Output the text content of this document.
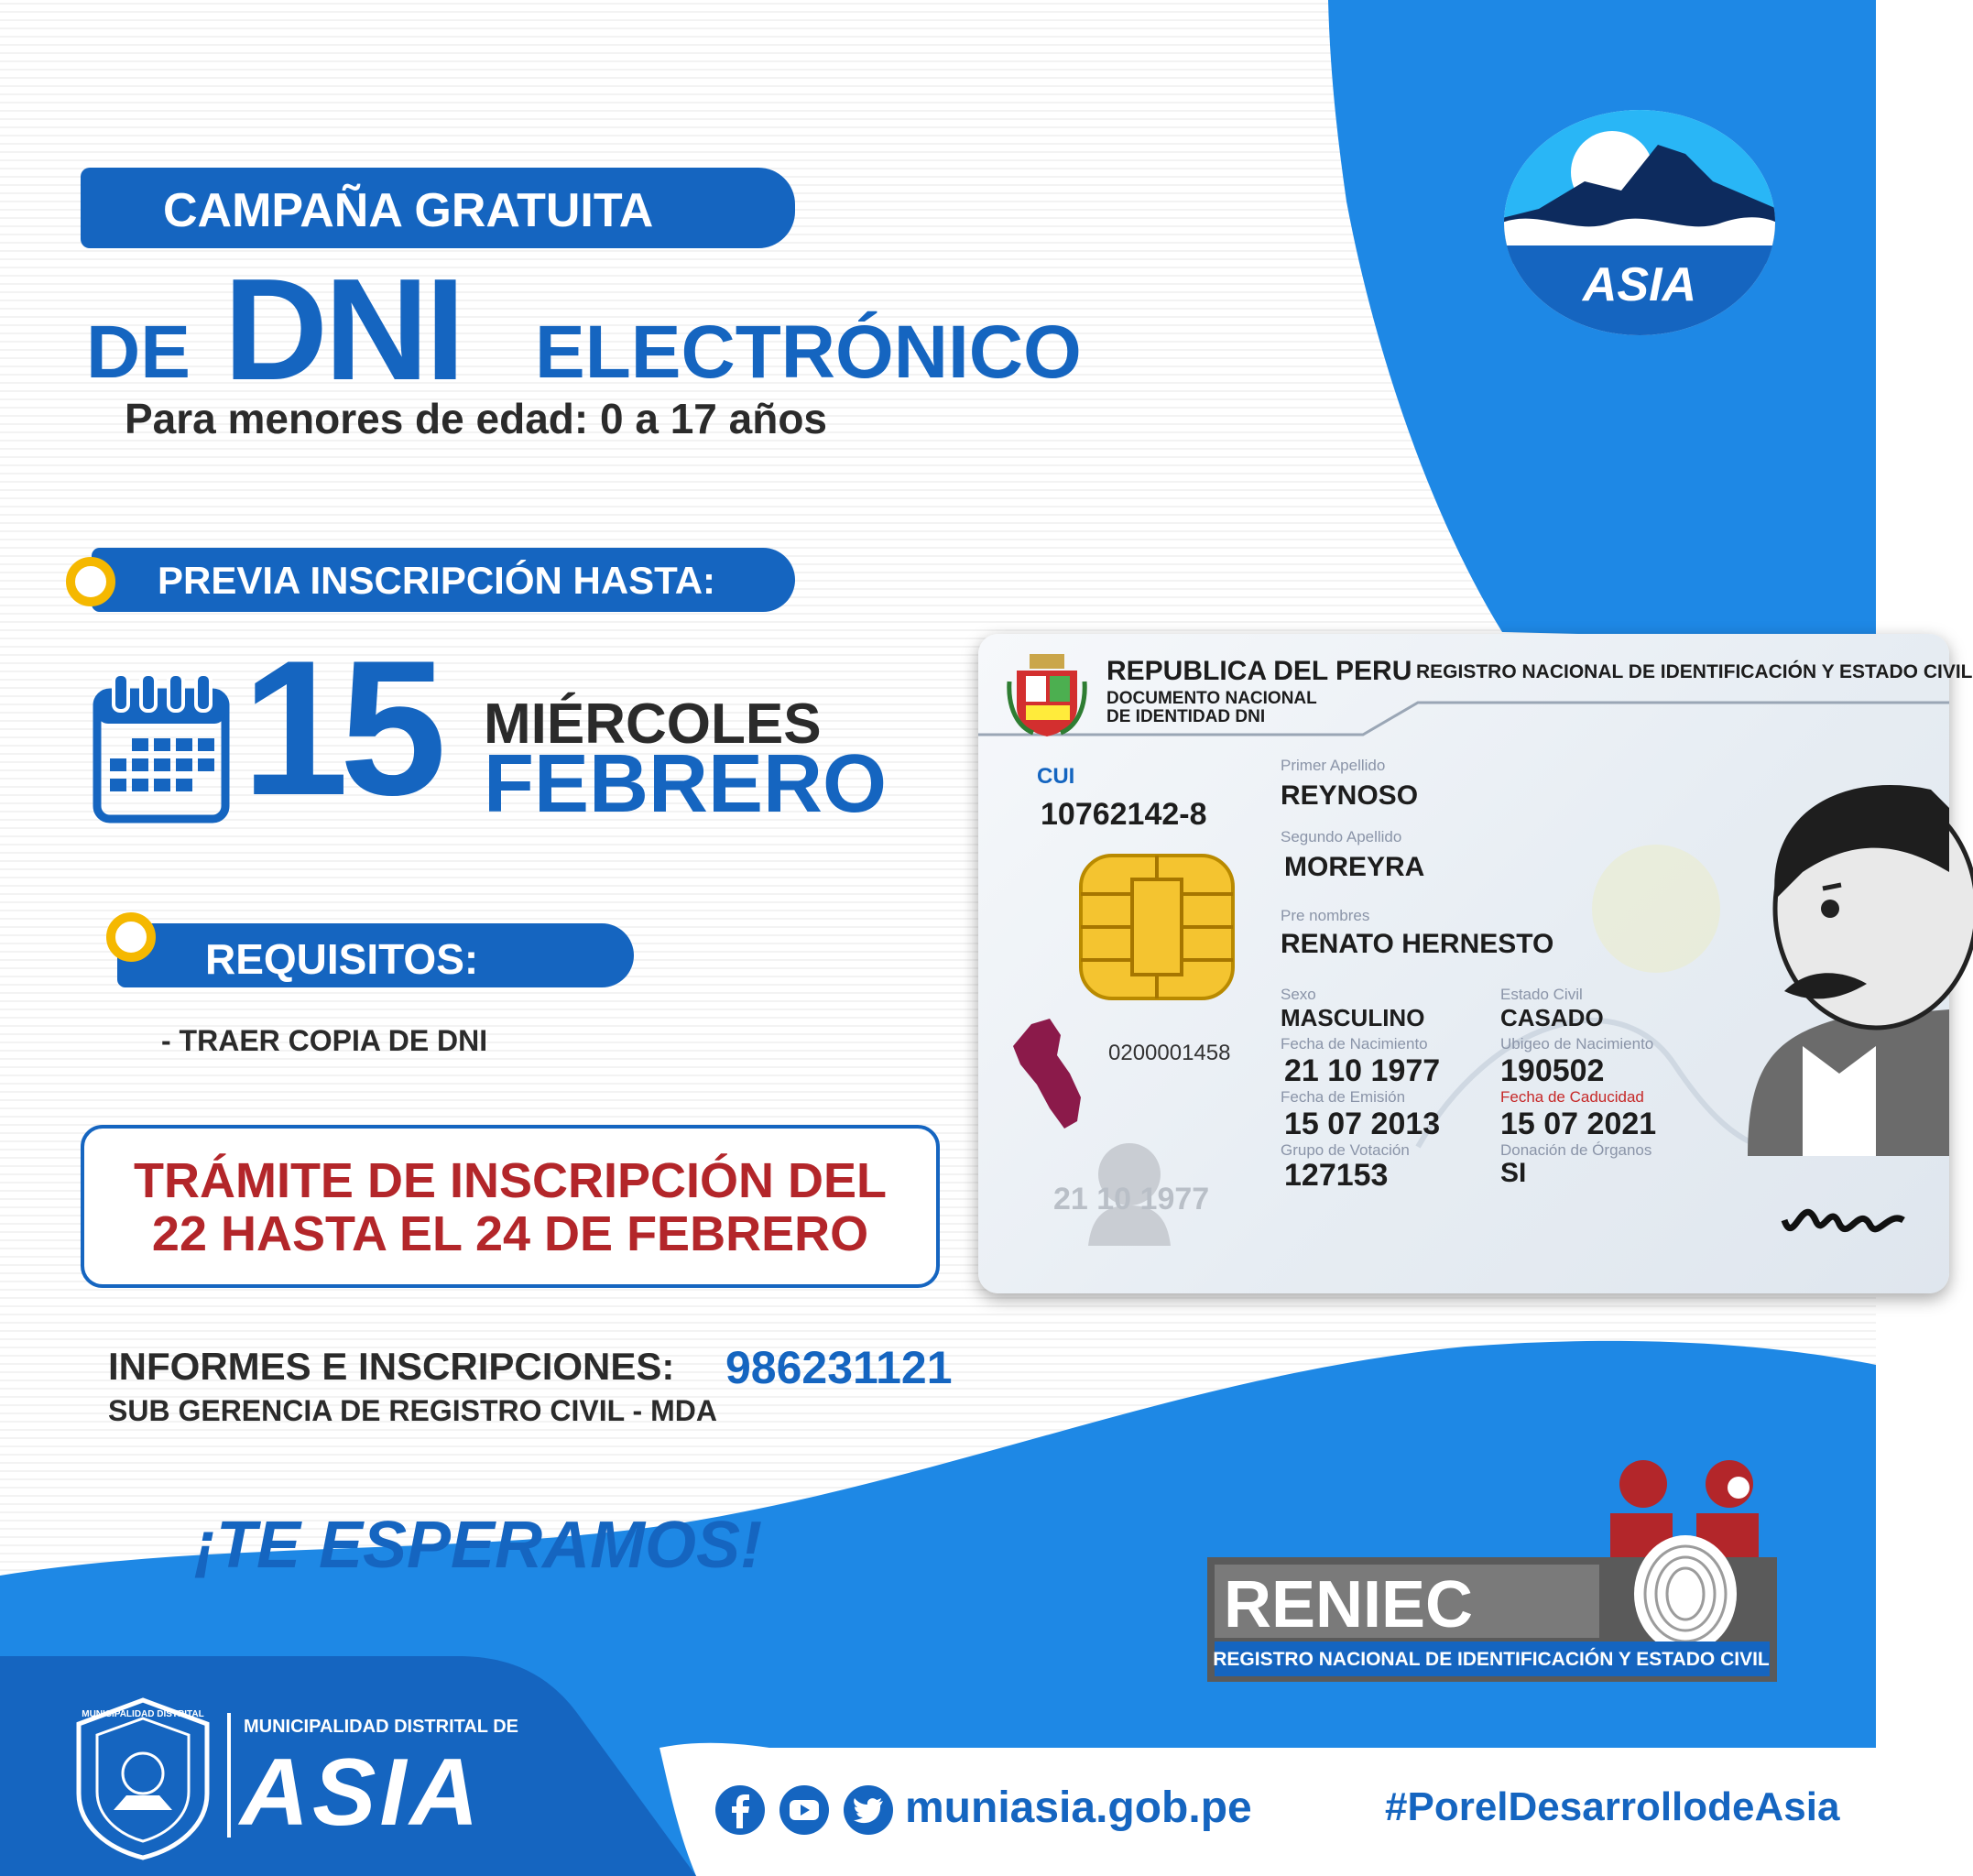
ASIA
CAMPAÑA GRATUITA
DE DNI ELECTRÓNICO
Para menores de edad: 0 a 17 años
PREVIA INSCRIPCIÓN HASTA:
15 MIÉRCOLES
FEBRERO
REQUISITOS:
- TRAER COPIA DE DNI
TRÁMITE DE INSCRIPCIÓN DEL
22 HASTA EL 24 DE FEBRERO
INFORMES E INSCRIPCIONES: 986231121
SUB GERENCIA DE REGISTRO CIVIL - MDA
¡TE ESPERAMOS!
REPUBLICA DEL PERU
DOCUMENTO NACIONAL
DE IDENTIDAD DNI
REGISTRO NACIONAL DE IDENTIFICACIÓN Y ESTADO CIVIL
CUI
10762142-8
0200001458
21 10 1977
Primer Apellido
REYNOSO
Segundo Apellido
MOREYRA
Pre nombres
RENATO HERNESTO
Sexo
MASCULINO
Fecha de Nacimiento
21 10 1977
Fecha de Emisión
15 07 2013
Grupo de Votación
127153
Estado Civil
CASADO
Ubigeo de Nacimiento
190502
Fecha de Caducidad
15 07 2021
Donación de Órganos
SI
RENIEC
REGISTRO NACIONAL DE IDENTIFICACIÓN Y ESTADO CIVIL
MUNICIPALIDAD DISTRITAL
MUNICIPALIDAD DISTRITAL DE
ASIA	muniasia.gob.pe	#PorelDesarrollodeAsia
